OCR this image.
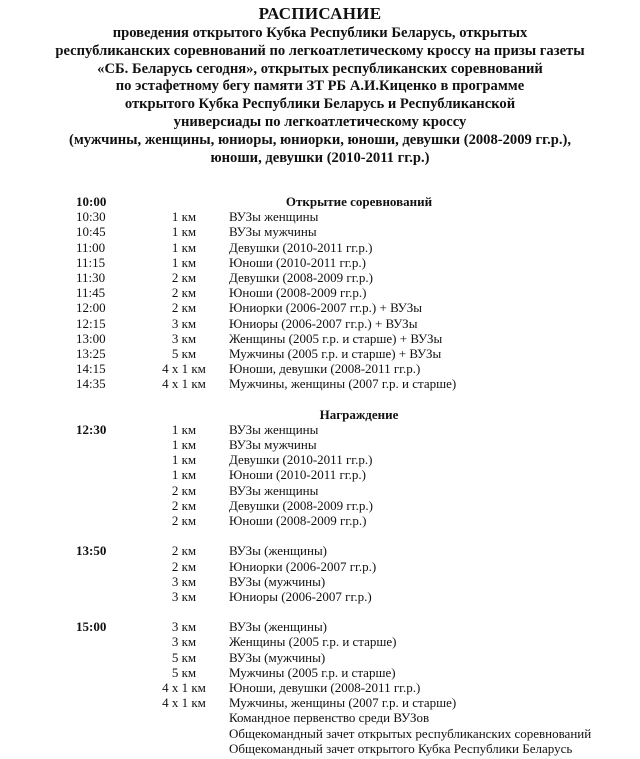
РАСПИСАНИЕ
проведения открытого Кубка Республики Беларусь, открытых
республиканских соревнований по легкоатлетическому кроссу на призы газеты
«СБ. Беларусь сегодня», открытых республиканских соревнований
по эстафетному бегу памяти ЗТ РБ А.И.Киценко в программе
открытого Кубка Республики Беларусь и Республиканской
универсиады по легкоатлетическому кроссу
(мужчины, женщины, юниоры, юниорки, юноши, девушки (2008-2009 гг.р.),
юноши, девушки (2010-2011 гг.р.)
10:00	Открытие соревнований
10:30	1 км	ВУЗы женщины
10:45	1 км	ВУЗы мужчины
11:00	1 км	Девушки (2010-2011 гг.р.)
11:15	1 км	Юноши (2010-2011 гг.р.)
11:30	2 км	Девушки (2008-2009 гг.р.)
11:45	2 км	Юноши (2008-2009 гг.р.)
12:00	2 км	Юниорки (2006-2007 гг.р.) + ВУЗы
12:15	3 км	Юниоры (2006-2007 гг.р.) + ВУЗы
13:00	3 км	Женщины (2005 г.р. и старше) + ВУЗы
13:25	5 км	Мужчины (2005 г.р. и старше) + ВУЗы
14:15	4 х 1 км	Юноши, девушки (2008-2011 гг.р.)
14:35	4 х 1 км	Мужчины, женщины (2007 г.р. и старше)
Награждение
12:30	1 км	ВУЗы женщины
1 км	ВУЗы мужчины
1 км	Девушки (2010-2011 гг.р.)
1 км	Юноши (2010-2011 гг.р.)
2 км	ВУЗы женщины
2 км	Девушки (2008-2009 гг.р.)
2 км	Юноши (2008-2009 гг.р.)
13:50	2 км	ВУЗы (женщины)
2 км	Юниорки (2006-2007 гг.р.)
3 км	ВУЗы (мужчины)
3 км	Юниоры (2006-2007 гг.р.)
15:00	3 км	ВУЗы (женщины)
3 км	Женщины (2005 г.р. и старше)
5 км	ВУЗы (мужчины)
5 км	Мужчины (2005 г.р. и старше)
4 х 1 км	Юноши, девушки (2008-2011 гг.р.)
4 х 1 км	Мужчины, женщины (2007 г.р. и старше)
Командное первенство среди ВУЗов
Общекомандный зачет открытых республиканских соревнований
Общекомандный зачет открытого Кубка Республики Беларусь
